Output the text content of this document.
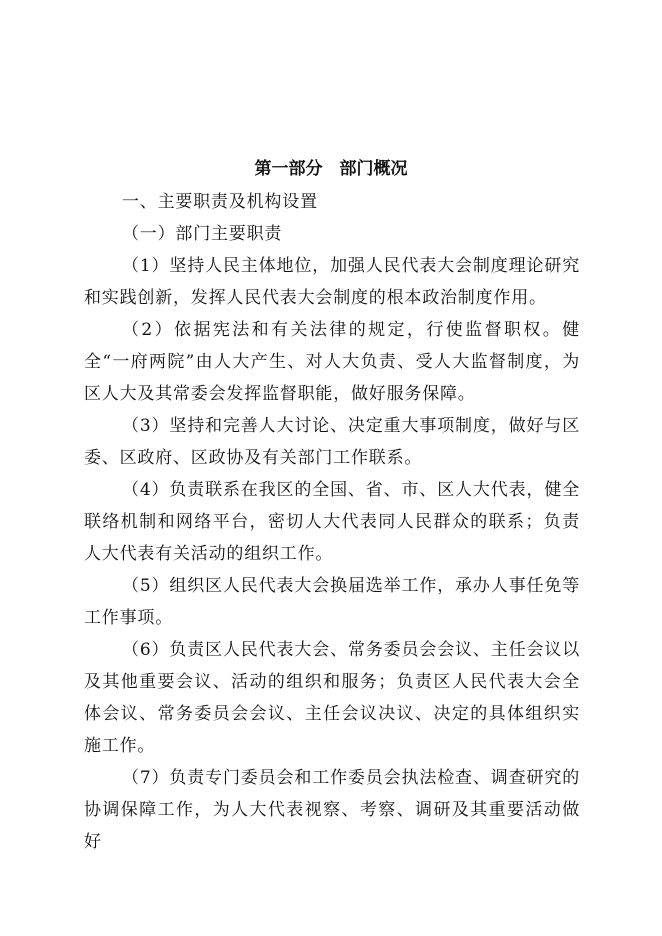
第一部分　部门概况

一、主要职责及机构设置

（一）部门主要职责

（1）坚持人民主体地位，加强人民代表大会制度理论研究和实践创新，发挥人民代表大会制度的根本政治制度作用。

（2）依据宪法和有关法律的规定，行使监督职权。健全“一府两院”由人大产生、对人大负责、受人大监督制度，为区人大及其常委会发挥监督职能，做好服务保障。

（3）坚持和完善人大讨论、决定重大事项制度，做好与区委、区政府、区政协及有关部门工作联系。

（4）负责联系在我区的全国、省、市、区人大代表，健全联络机制和网络平台，密切人大代表同人民群众的联系；负责人大代表有关活动的组织工作。

（5）组织区人民代表大会换届选举工作，承办人事任免等工作事项。

（6）负责区人民代表大会、常务委员会会议、主任会议以及其他重要会议、活动的组织和服务；负责区人民代表大会全体会议、常务委员会会议、主任会议决议、决定的具体组织实施工作。

（7）负责专门委员会和工作委员会执法检查、调查研究的协调保障工作，为人大代表视察、考察、调研及其重要活动做好
